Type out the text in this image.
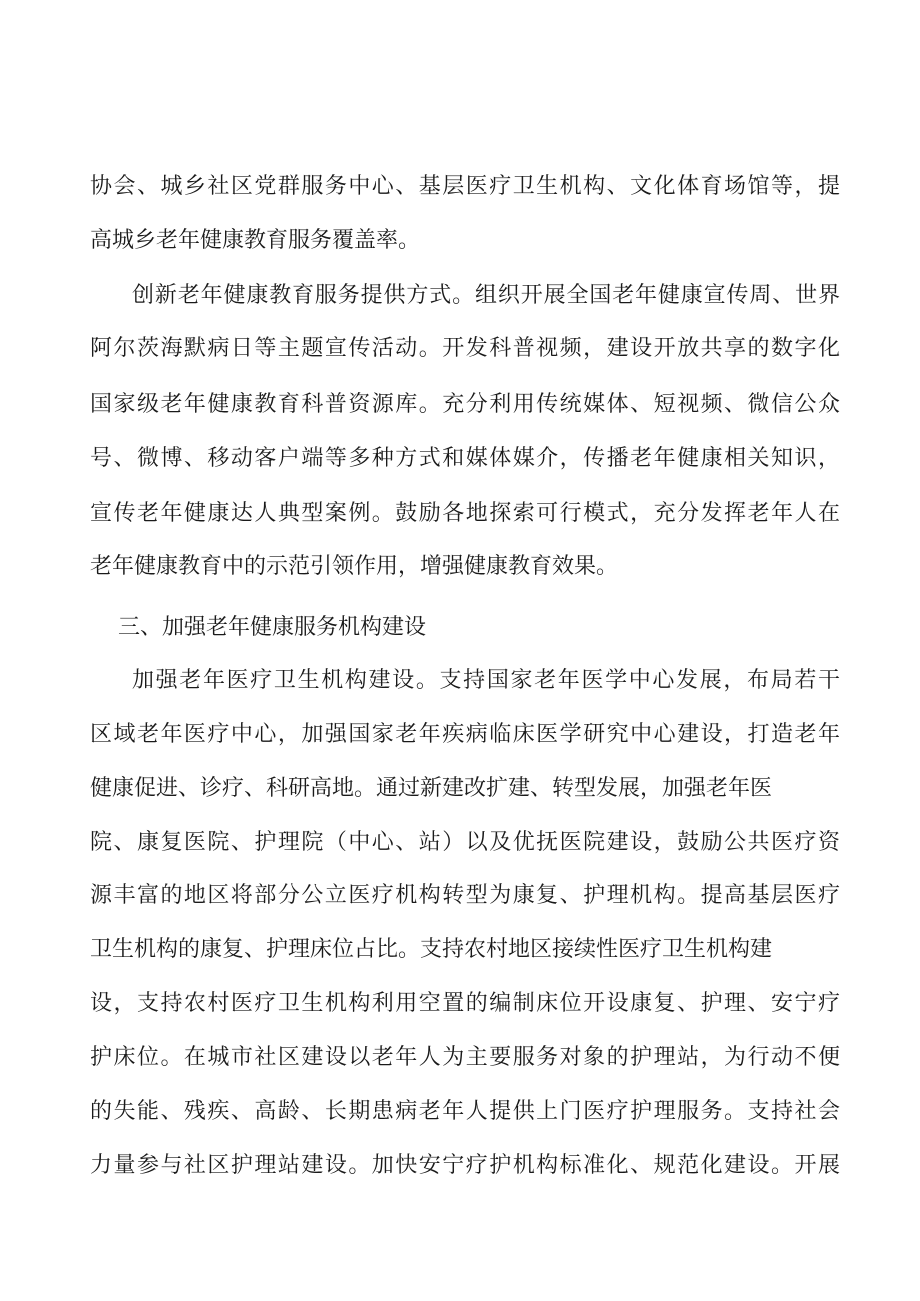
协会、城乡社区党群服务中心、基层医疗卫生机构、文化体育场馆等，提
高城乡老年健康教育服务覆盖率。
创新老年健康教育服务提供方式。组织开展全国老年健康宣传周、世界
阿尔茨海默病日等主题宣传活动。开发科普视频，建设开放共享的数字化
国家级老年健康教育科普资源库。充分利用传统媒体、短视频、微信公众
号、微博、移动客户端等多种方式和媒体媒介，传播老年健康相关知识，
宣传老年健康达人典型案例。鼓励各地探索可行模式，充分发挥老年人在
老年健康教育中的示范引领作用，增强健康教育效果。
三、加强老年健康服务机构建设
加强老年医疗卫生机构建设。支持国家老年医学中心发展，布局若干
区域老年医疗中心，加强国家老年疾病临床医学研究中心建设，打造老年
健康促进、诊疗、科研高地。通过新建改扩建、转型发展，加强老年医
院、康复医院、护理院（中心、站）以及优抚医院建设，鼓励公共医疗资
源丰富的地区将部分公立医疗机构转型为康复、护理机构。提高基层医疗
卫生机构的康复、护理床位占比。支持农村地区接续性医疗卫生机构建
设，支持农村医疗卫生机构利用空置的编制床位开设康复、护理、安宁疗
护床位。在城市社区建设以老年人为主要服务对象的护理站，为行动不便
的失能、残疾、高龄、长期患病老年人提供上门医疗护理服务。支持社会
力量参与社区护理站建设。加快安宁疗护机构标准化、规范化建设。开展
